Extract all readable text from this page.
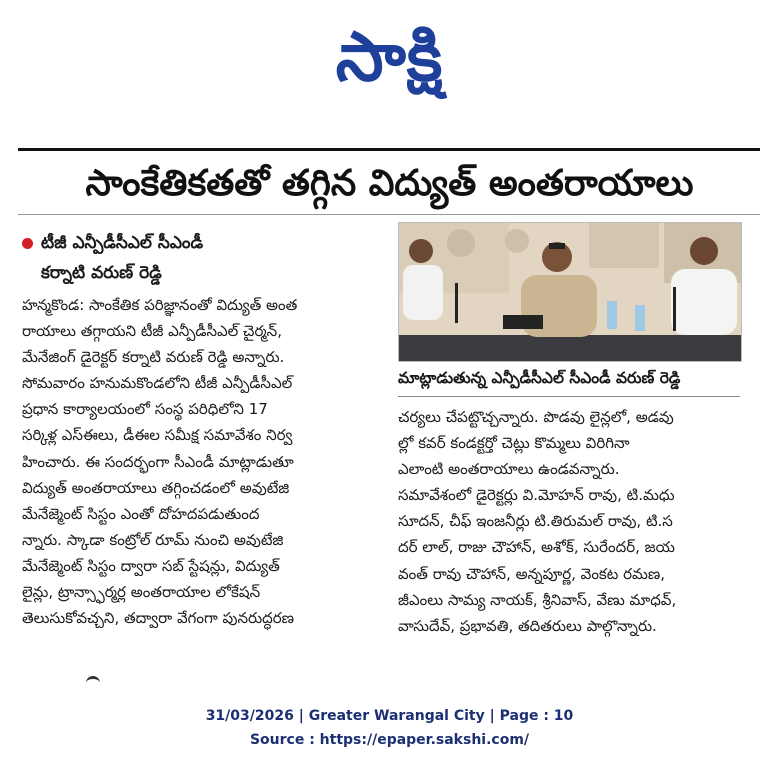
సాక్షి
సాంకేతికతతో తగ్గిన విద్యుత్ అంతరాయాలు
టీజీ ఎన్పీడీసీఎల్ సీఎండీ
కర్నాటి వరుణ్ రెడ్డి
హన్మకొండ: సాంకేతిక పరిజ్ఞానంతో విద్యుత్ అంత
రాయాలు తగ్గాయని టీజీ ఎన్పీడీసీఎల్ చైర్మన్,
మేనేజింగ్ డైరెక్టర్ కర్నాటి వరుణ్ రెడ్డి అన్నారు.
సోమవారం హనుమకొండలోని టీజీ ఎన్పీడీసీఎల్
ప్రధాన కార్యాలయంలో సంస్థ పరిధిలోని 17
సర్కిళ్ల ఎస్ఈలు, డీఈల సమీక్ష సమావేశం నిర్వ
హించారు. ఈ సందర్భంగా సీఎండీ మాట్లాడుతూ
విద్యుత్ అంతరాయాలు తగ్గించడంలో అవుటేజి
మేనేజ్మెంట్ సిస్టం ఎంతో దోహదపడుతుంద
న్నారు. స్కాడా కంట్రోల్ రూమ్ నుంచి అవుటేజి
మేనేజ్మెంట్ సిస్టం ద్వారా సబ్ స్టేషన్లు, విద్యుత్
లైన్లు, ట్రాన్స్ఫార్మర్ల అంతరాయాల లోకేషన్
తెలుసుకోవచ్చని, తద్వారా వేగంగా పునరుద్ధరణ
మాట్లాడుతున్న ఎన్పీడీసీఎల్ సీఎండీ వరుణ్ రెడ్డి
చర్యలు చేపట్టొచ్చన్నారు. పొడవు లైన్లలో, అడవు
ల్లో కవర్ కండక్టర్తో చెట్లు కొమ్మలు విరిగినా
ఎలాంటి అంతరాయాలు ఉండవన్నారు.
సమావేశంలో డైరెక్టర్లు వి.మోహన్ రావు, టి.మధు
సూదన్, చీఫ్ ఇంజనీర్లు టి.తిరుమల్ రావు, టి.స
దర్ లాల్, రాజు చౌహాన్, అశోక్, సురేందర్, జయ
వంత్ రావు చౌహాన్, అన్నపూర్ణ, వెంకట రమణ,
జీఎంలు సామ్య నాయక్, శ్రీనివాస్, వేణు మాధవ్,
వాసుదేవ్, ప్రభావతి, తదితరులు పాల్గొన్నారు.
31/03/2026 | Greater Warangal City | Page : 10
Source : https://epaper.sakshi.com/
